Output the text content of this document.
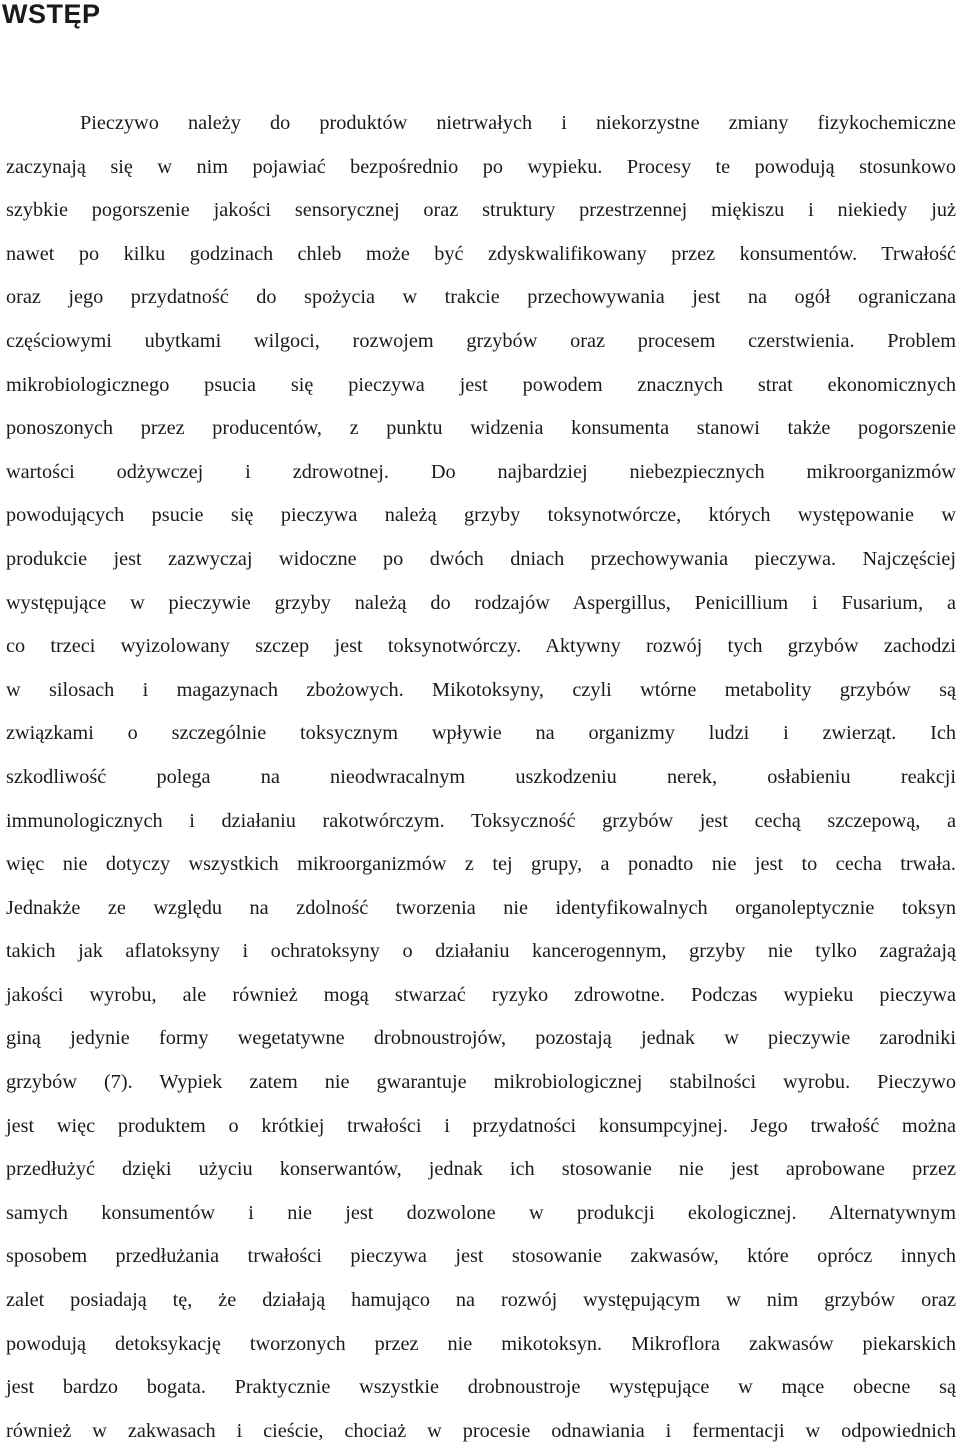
WSTĘP
Pieczywo należy do produktów nietrwałych i niekorzystne zmiany fizykochemiczne
zaczynają się w nim pojawiać bezpośrednio po wypieku. Procesy te powodują stosunkowo
szybkie pogorszenie jakości sensorycznej oraz struktury przestrzennej miękiszu i niekiedy już
nawet po kilku godzinach chleb może być zdyskwalifikowany przez konsumentów. Trwałość
oraz jego przydatność do spożycia w trakcie przechowywania jest na ogół ograniczana
częściowymi ubytkami wilgoci, rozwojem grzybów oraz procesem czerstwienia. Problem
mikrobiologicznego psucia się pieczywa jest powodem znacznych strat ekonomicznych
ponoszonych przez producentów, z punktu widzenia konsumenta stanowi także pogorszenie
wartości odżywczej i zdrowotnej. Do najbardziej niebezpiecznych mikroorganizmów
powodujących psucie się pieczywa należą grzyby toksynotwórcze, których występowanie w
produkcie jest zazwyczaj widoczne po dwóch dniach przechowywania pieczywa. Najczęściej
występujące w pieczywie grzyby należą do rodzajów Aspergillus, Penicillium i Fusarium, a
co trzeci wyizolowany szczep jest toksynotwórczy. Aktywny rozwój tych grzybów zachodzi
w silosach i magazynach zbożowych. Mikotoksyny, czyli wtórne metabolity grzybów są
związkami o szczególnie toksycznym wpływie na organizmy ludzi i zwierząt. Ich
szkodliwość polega na nieodwracalnym uszkodzeniu nerek, osłabieniu reakcji
immunologicznych i działaniu rakotwórczym. Toksyczność grzybów jest cechą szczepową, a
więc nie dotyczy wszystkich mikroorganizmów z tej grupy, a ponadto nie jest to cecha trwała.
Jednakże ze względu na zdolność tworzenia nie identyfikowalnych organoleptycznie toksyn
takich jak aflatoksyny i ochratoksyny o działaniu kancerogennym, grzyby nie tylko zagrażają
jakości wyrobu, ale również mogą stwarzać ryzyko zdrowotne. Podczas wypieku pieczywa
giną jedynie formy wegetatywne drobnoustrojów, pozostają jednak w pieczywie zarodniki
grzybów (7). Wypiek zatem nie gwarantuje mikrobiologicznej stabilności wyrobu. Pieczywo
jest więc produktem o krótkiej trwałości i przydatności konsumpcyjnej. Jego trwałość można
przedłużyć dzięki użyciu konserwantów, jednak ich stosowanie nie jest aprobowane przez
samych konsumentów i nie jest dozwolone w produkcji ekologicznej. Alternatywnym
sposobem przedłużania trwałości pieczywa jest stosowanie zakwasów, które oprócz innych
zalet posiadają tę, że działają hamująco na rozwój występującym w nim grzybów oraz
powodują detoksykację tworzonych przez nie mikotoksyn. Mikroflora zakwasów piekarskich
jest bardzo bogata. Praktycznie wszystkie drobnoustroje występujące w mące obecne są
również w zakwasach i cieście, chociaż w procesie odnawiania i fermentacji w odpowiednich
